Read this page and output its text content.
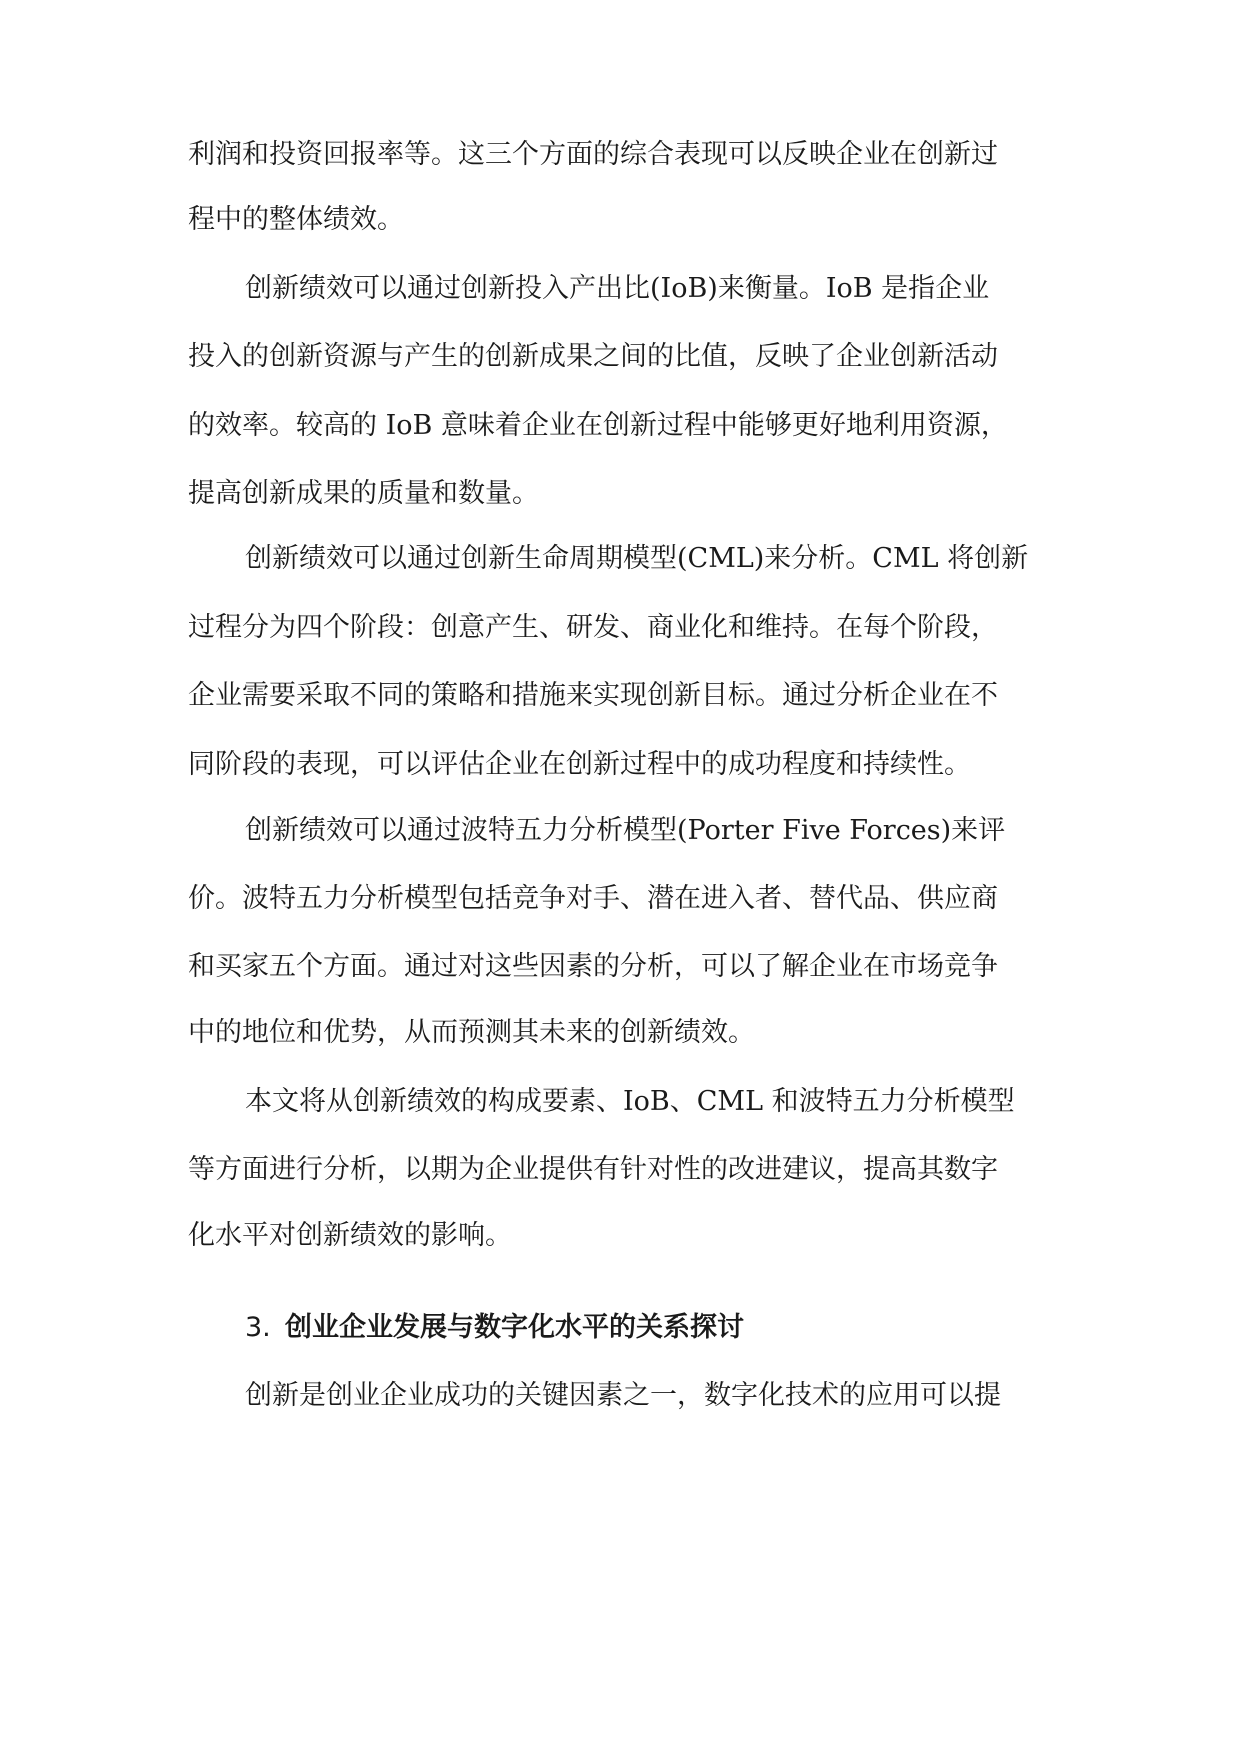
利润和投资回报率等。这三个方面的综合表现可以反映企业在创新过
程中的整体绩效。
创新绩效可以通过创新投入产出比(IoB)来衡量。IoB 是指企业
投入的创新资源与产生的创新成果之间的比值，反映了企业创新活动
的效率。较高的 IoB 意味着企业在创新过程中能够更好地利用资源，
提高创新成果的质量和数量。
创新绩效可以通过创新生命周期模型(CML)来分析。CML 将创新
过程分为四个阶段：创意产生、研发、商业化和维持。在每个阶段，
企业需要采取不同的策略和措施来实现创新目标。通过分析企业在不
同阶段的表现，可以评估企业在创新过程中的成功程度和持续性。
创新绩效可以通过波特五力分析模型(Porter Five Forces)来评
价。波特五力分析模型包括竞争对手、潜在进入者、替代品、供应商
和买家五个方面。通过对这些因素的分析，可以了解企业在市场竞争
中的地位和优势，从而预测其未来的创新绩效。
本文将从创新绩效的构成要素、IoB、CML 和波特五力分析模型
等方面进行分析，以期为企业提供有针对性的改进建议，提高其数字
化水平对创新绩效的影响。
3. 创业企业发展与数字化水平的关系探讨
创新是创业企业成功的关键因素之一，数字化技术的应用可以提
